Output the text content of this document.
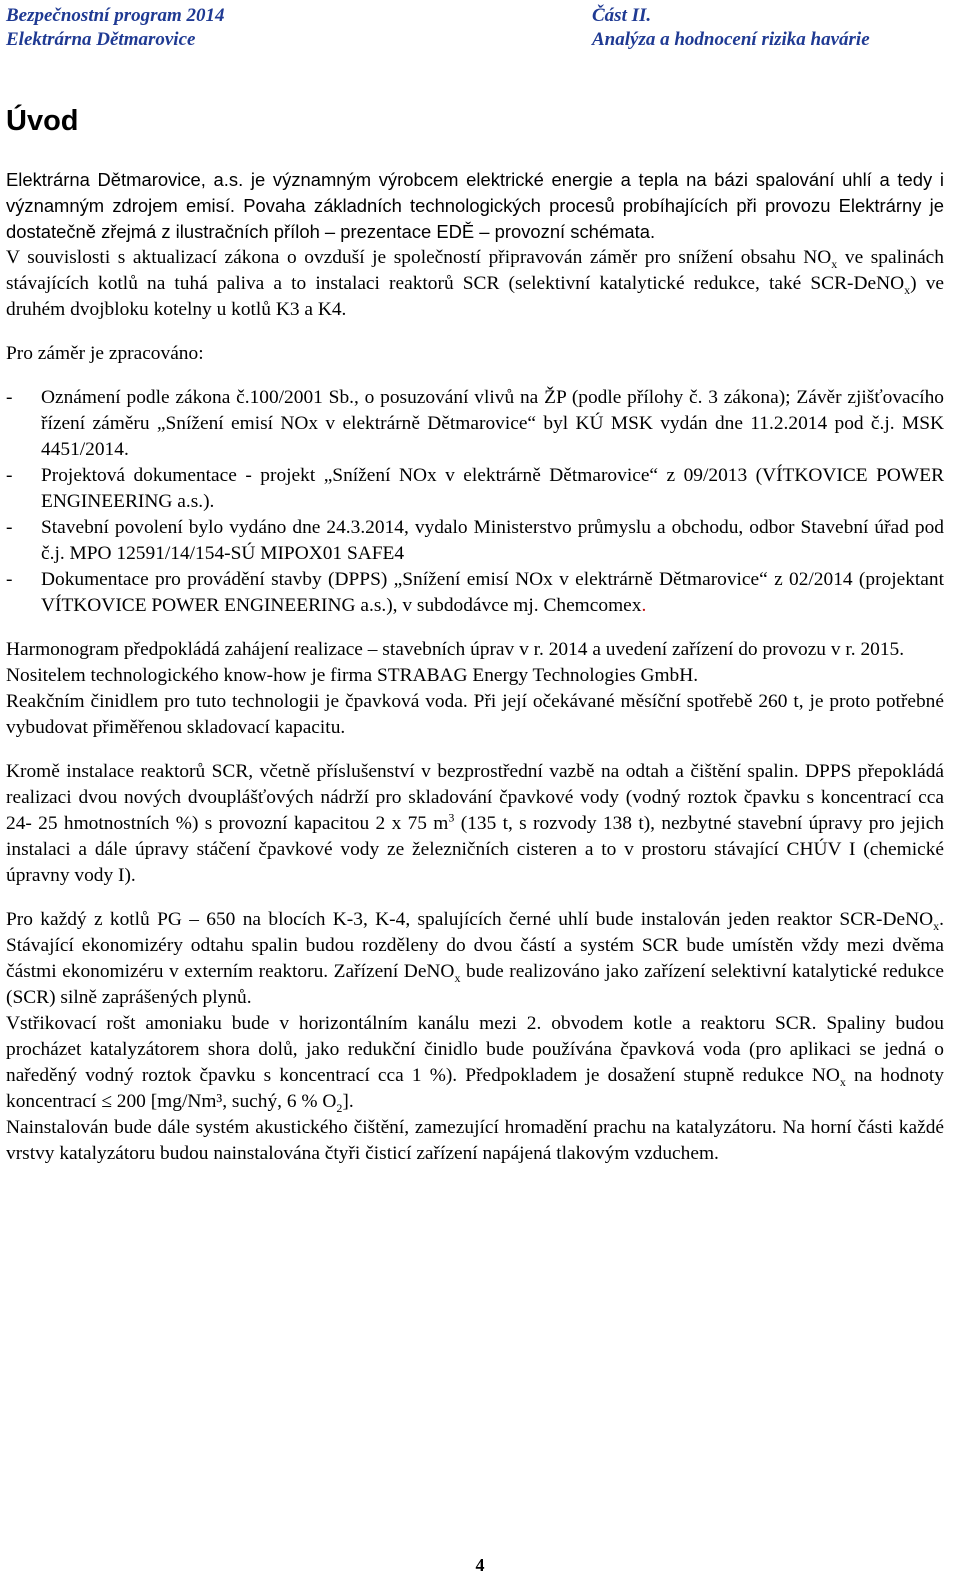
Bezpečnostní program 2014
Elektrárna Dětmarovice
Část II.
Analýza a hodnocení rizika havárie
Úvod

Elektrárna Dětmarovice, a.s. je významným výrobcem elektrické energie a tepla na bázi spalování uhlí a tedy i významným zdrojem emisí. Povaha základních technologických procesů probíhajících při provozu Elektrárny je dostatečně zřejmá z ilustračních příloh – prezentace EDĚ – provozní schémata.

V souvislosti s aktualizací zákona o ovzduší je společností připravován záměr pro snížení obsahu $NO_x$ ve spalinách stávajících kotlů na tuhá paliva a to instalaci reaktorů SCR (selektivní katalytické redukce, také SCR-DeNO$_x$) ve druhém dvojbloku kotelny u kotlů K3 a K4.

Pro záměr je zpracováno:

- Oznámení podle zákona č.100/2001 Sb., o posuzování vlivů na ŽP (podle přílohy č. 3 zákona); Závěr zjišťovacího řízení záměru „Snížení emisí NOx v elektrárně Dětmarovice“ byl KÚ MSK vydán dne 11.2.2014 pod č.j. MSK 4451/2014.
- Projektová dokumentace - projekt „Snížení NOx v elektrárně Dětmarovice“ z 09/2013 (VÍTKOVICE POWER ENGINEERING a.s.).
- Stavební povolení bylo vydáno dne 24.3.2014, vydalo Ministerstvo průmyslu a obchodu, odbor Stavební úřad pod č.j. MPO 12591/14/154-SÚ MIPOX01 SAFE4
- Dokumentace pro provádění stavby (DPPS) „Snížení emisí NOx v elektrárně Dětmarovice“ z 02/2014 (projektant VÍTKOVICE POWER ENGINEERING a.s.), v subdodávce mj. Chemcomex.

Harmonogram předpokládá zahájení realizace – stavebních úprav v r. 2014 a uvedení zařízení do provozu v r. 2015.

Nositelem technologického know-how je firma STRABAG Energy Technologies GmbH.

Reakčním činidlem pro tuto technologii je čpavková voda. Při její očekávané měsíční spotřebě 260 t, je proto potřebné vybudovat přiměřenou skladovací kapacitu.

Kromě instalace reaktorů SCR, včetně příslušenství v bezprostřední vazbě na odtah a čištění spalin. DPPS přepokládá realizaci dvou nových dvouplášťových nádrží pro skladování čpavkové vody (vodný roztok čpavku s koncentrací cca 24- 25 hmotnostních %) s provozní kapacitou 2 x 75 $m^3$ (135 t, s rozvody 138 t), nezbytné stavební úpravy pro jejich instalaci a dále úpravy stáčení čpavkové vody ze železničních cisteren a to v prostoru stávající CHÚV I (chemické úpravny vody I).

Pro každý z kotlů PG – 650 na blocích K-3, K-4, spalujících černé uhlí bude instalován jeden reaktor SCR-DeNO$_x$. Stávající ekonomizéry odtahu spalin budou rozděleny do dvou částí a systém SCR bude umístěn vždy mezi dvěma částmi ekonomizéru v externím reaktoru. Zařízení DeNO$_x$ bude realizováno jako zařízení selektivní katalytické redukce (SCR) silně zaprášených plynů.

Vstřikovací rošt amoniaku bude v horizontálním kanálu mezi 2. obvodem kotle a reaktoru SCR. Spaliny budou procházet katalyzátorem shora dolů, jako redukční činidlo bude používána čpavková voda (pro aplikaci se jedná o naředěný vodný roztok čpavku s koncentrací cca 1 %). Předpokladem je dosažení stupně redukce $NO_x$ na hodnoty koncentrací ≤ 200 [mg/Nm³, suchý, 6 % $O_2$].

Nainstalován bude dále systém akustického čištění, zamezující hromadění prachu na katalyzátoru. Na horní části každé vrstvy katalyzátoru budou nainstalována čtyři čisticí zařízení napájená tlakovým vzduchem.

4
